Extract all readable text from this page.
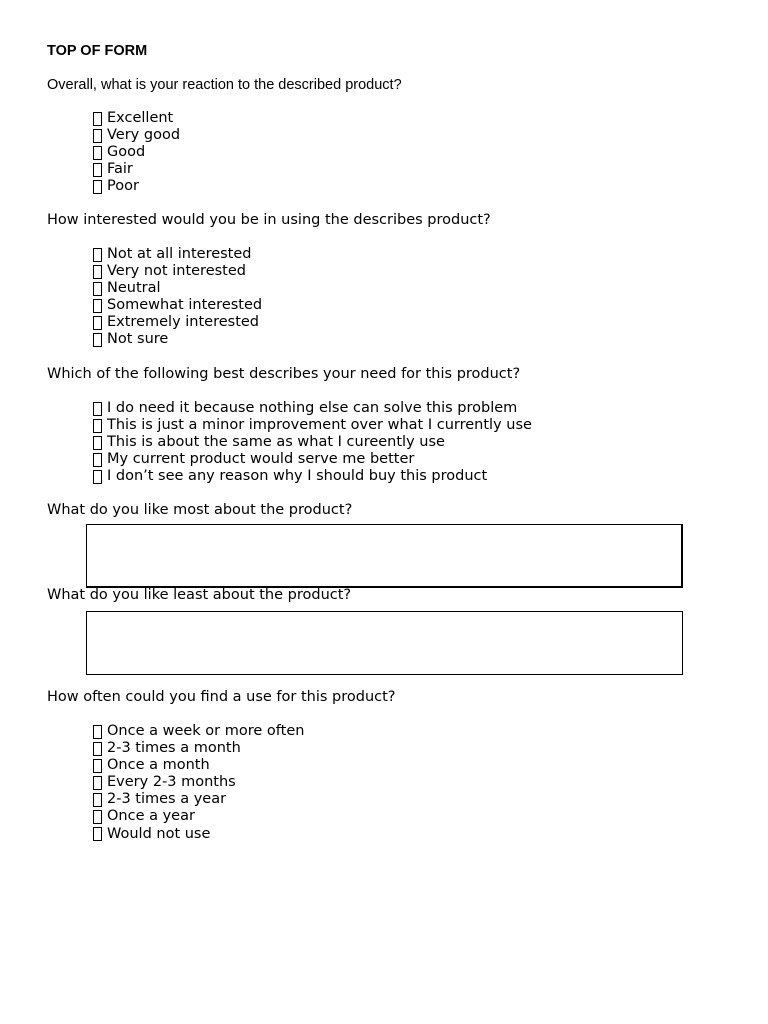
TOP OF FORM
Overall, what is your reaction to the described product?
Excellent
Very good
Good
Fair
Poor
How interested would you be in using the describes product?
Not at all interested
Very not interested
Neutral
Somewhat interested
Extremely interested
Not sure
Which of the following best describes your need for this product?
I do need it because nothing else can solve this problem
This is just a minor improvement over what I currently use
This is about the same as what I cureently use
My current product would serve me better
I don’t see any reason why I should buy this product
What do you like most about the product?
What do you like least about the product?
How often could you find a use for this product?
Once a week or more often
2-3 times a month
Once a month
Every 2-3 months
2-3 times a year
Once a year
Would not use
